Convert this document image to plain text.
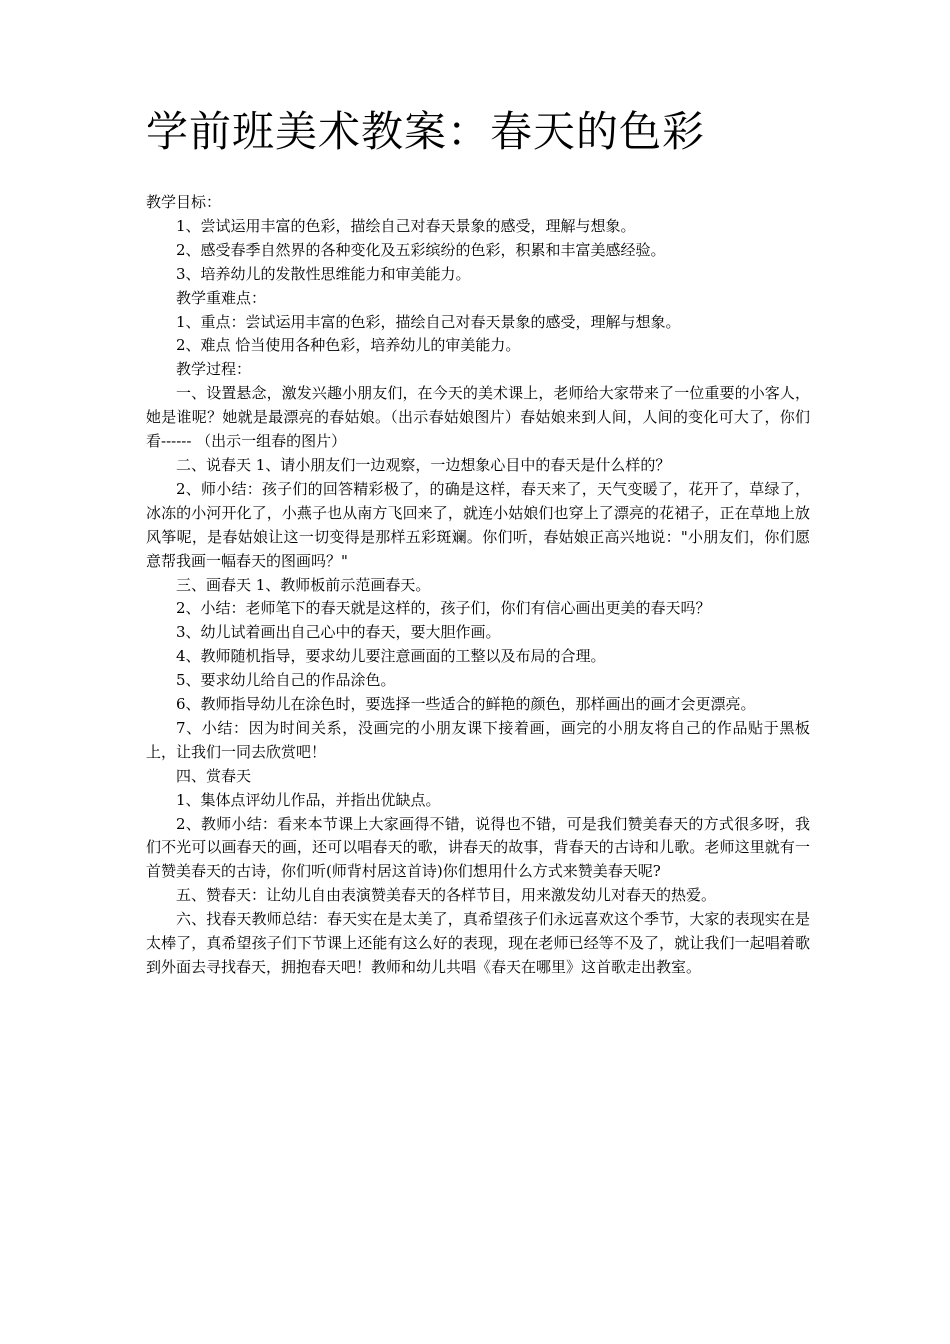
学前班美术教案：春天的色彩

教学目标：

1、尝试运用丰富的色彩，描绘自己对春天景象的感受，理解与想象。

2、感受春季自然界的各种变化及五彩缤纷的色彩，积累和丰富美感经验。

3、培养幼儿的发散性思维能力和审美能力。

教学重难点：

1、重点：尝试运用丰富的色彩，描绘自己对春天景象的感受，理解与想象。

2、难点 恰当使用各种色彩，培养幼儿的审美能力。

教学过程：

一、设置悬念，激发兴趣小朋友们，在今天的美术课上，老师给大家带来了一位重要的小客人，她是谁呢？她就是最漂亮的春姑娘。（出示春姑娘图片）春姑娘来到人间，人间的变化可大了，你们看------ （出示一组春的图片）

二、说春天 1、请小朋友们一边观察，一边想象心目中的春天是什么样的？

2、师小结：孩子们的回答精彩极了，的确是这样，春天来了，天气变暖了，花开了，草绿了，冰冻的小河开化了，小燕子也从南方飞回来了，就连小姑娘们也穿上了漂亮的花裙子，正在草地上放风筝呢，是春姑娘让这一切变得是那样五彩斑斓。你们听，春姑娘正高兴地说："小朋友们，你们愿意帮我画一幅春天的图画吗？"

三、画春天 1、教师板前示范画春天。

2、小结：老师笔下的春天就是这样的，孩子们，你们有信心画出更美的春天吗？

3、幼儿试着画出自己心中的春天，要大胆作画。

4、教师随机指导，要求幼儿要注意画面的工整以及布局的合理。

5、要求幼儿给自己的作品涂色。

6、教师指导幼儿在涂色时，要选择一些适合的鲜艳的颜色，那样画出的画才会更漂亮。

7、小结：因为时间关系，没画完的小朋友课下接着画，画完的小朋友将自己的作品贴于黑板上，让我们一同去欣赏吧！

四、赏春天

1、集体点评幼儿作品，并指出优缺点。

2、教师小结：看来本节课上大家画得不错，说得也不错，可是我们赞美春天的方式很多呀，我们不光可以画春天的画，还可以唱春天的歌，讲春天的故事，背春天的古诗和儿歌。老师这里就有一首赞美春天的古诗，你们听(师背村居这首诗)你们想用什么方式来赞美春天呢?

五、赞春天：让幼儿自由表演赞美春天的各样节目，用来激发幼儿对春天的热爱。

六、找春天教师总结：春天实在是太美了，真希望孩子们永远喜欢这个季节，大家的表现实在是太棒了，真希望孩子们下节课上还能有这么好的表现，现在老师已经等不及了，就让我们一起唱着歌到外面去寻找春天，拥抱春天吧！教师和幼儿共唱《春天在哪里》这首歌走出教室。
